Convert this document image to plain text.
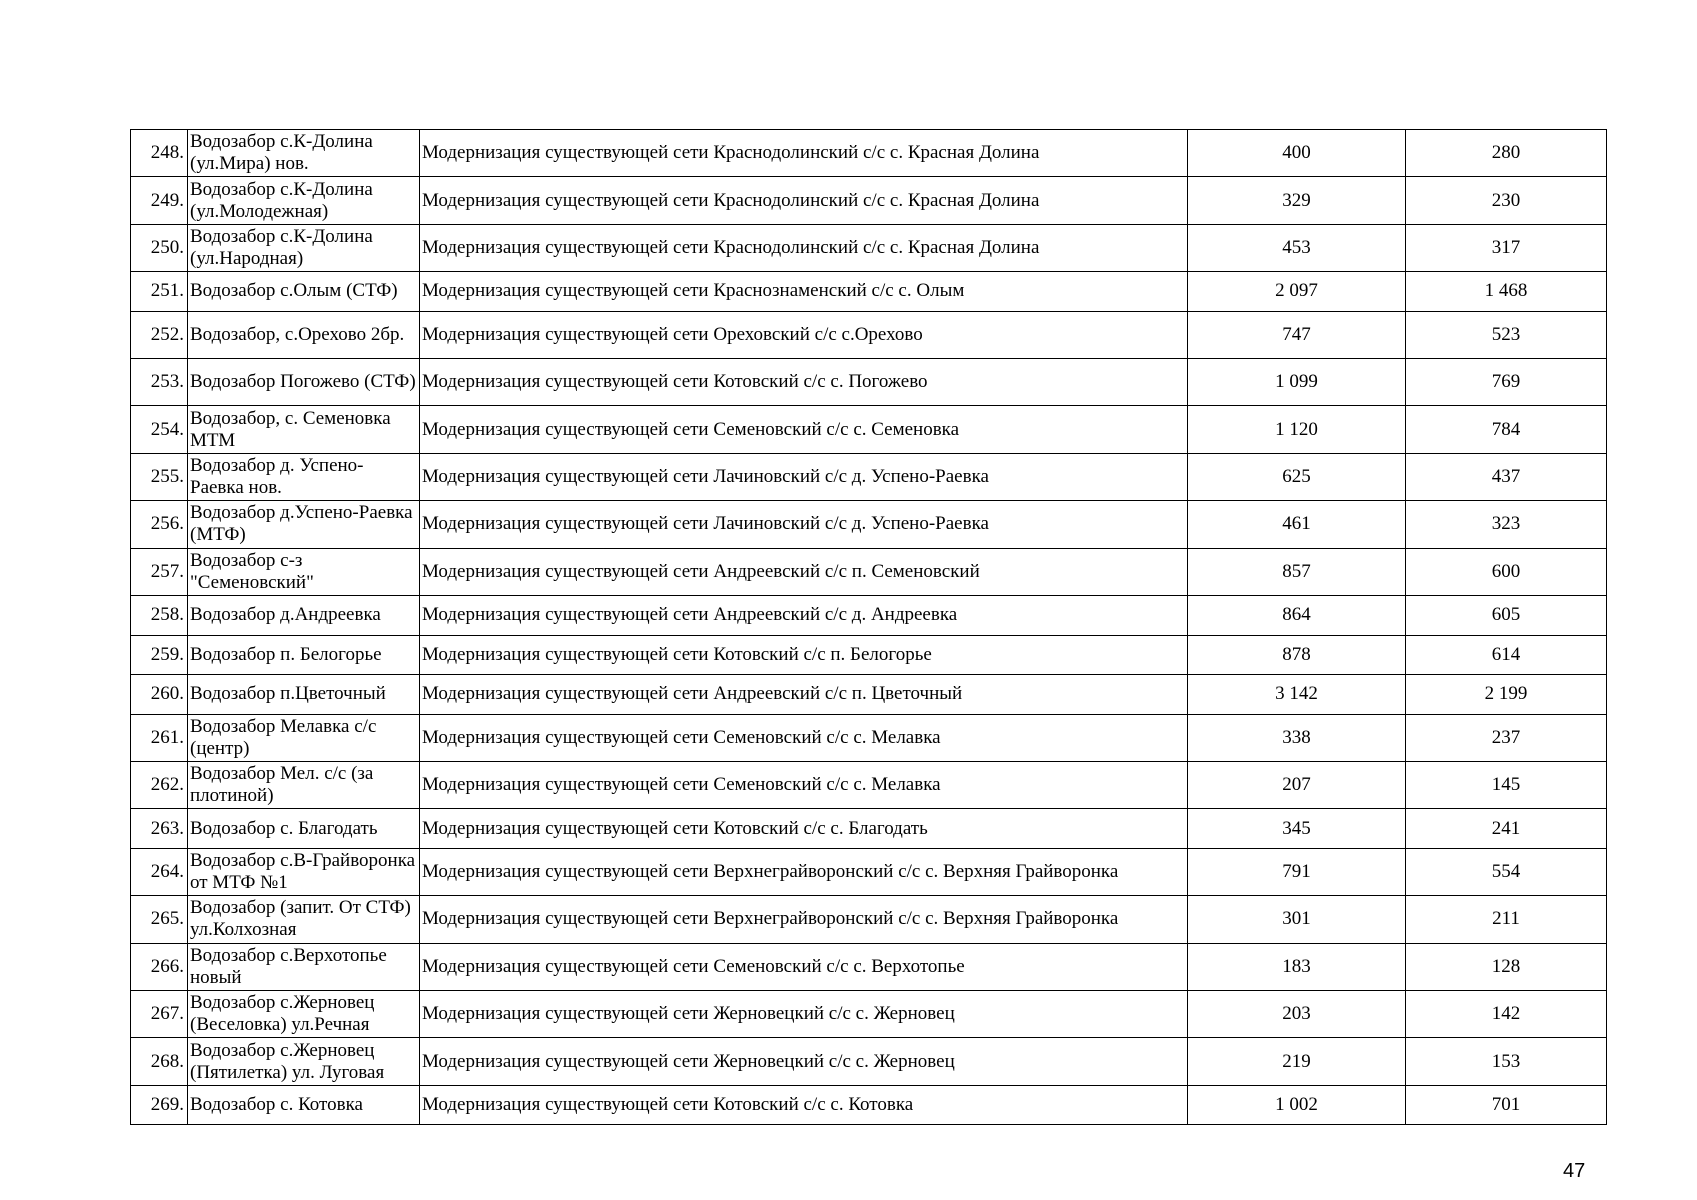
248.	Водозабор с.К-Долина (ул.Мира) нов.	Модернизация существующей сети Краснодолинский с/с с. Красная Долина	400	280
249.	Водозабор с.К-Долина (ул.Молодежная)	Модернизация существующей сети Краснодолинский с/с с. Красная Долина	329	230
250.	Водозабор с.К-Долина (ул.Народная)	Модернизация существующей сети Краснодолинский с/с с. Красная Долина	453	317
251.	Водозабор с.Олым (СТФ)	Модернизация существующей сети Краснознаменский с/с с. Олым	2 097	1 468
252.	Водозабор, с.Орехово 2бр.	Модернизация существующей сети Ореховский с/с с.Орехово	747	523
253.	Водозабор Погожево (СТФ)	Модернизация существующей сети Котовский с/с с. Погожево	1 099	769
254.	Водозабор, с. Семеновка МТМ	Модернизация существующей сети Семеновский с/с с. Семеновка	1 120	784
255.	Водозабор д. Успено-Раевка нов.	Модернизация существующей сети Лачиновский с/с д. Успено-Раевка	625	437
256.	Водозабор д.Успено-Раевка (МТФ)	Модернизация существующей сети Лачиновский с/с д. Успено-Раевка	461	323
257.	Водозабор с-з "Семеновский"	Модернизация существующей сети Андреевский с/с п. Семеновский	857	600
258.	Водозабор д.Андреевка	Модернизация существующей сети Андреевский с/с д. Андреевка	864	605
259.	Водозабор п. Белогорье	Модернизация существующей сети Котовский с/с п. Белогорье	878	614
260.	Водозабор п.Цветочный	Модернизация существующей сети Андреевский с/с п. Цветочный	3 142	2 199
261.	Водозабор Мелавка с/с (центр)	Модернизация существующей сети Семеновский с/с с. Мелавка	338	237
262.	Водозабор Мел. с/с (за плотиной)	Модернизация существующей сети Семеновский с/с с. Мелавка	207	145
263.	Водозабор с. Благодать	Модернизация существующей сети Котовский с/с с. Благодать	345	241
264.	Водозабор с.В-Грайворонка от МТФ №1	Модернизация существующей сети Верхнеграйворонский с/с с. Верхняя Грайворонка	791	554
265.	Водозабор (запит. От СТФ) ул.Колхозная	Модернизация существующей сети Верхнеграйворонский с/с с. Верхняя Грайворонка	301	211
266.	Водозабор с.Верхотопье новый	Модернизация существующей сети Семеновский с/с с. Верхотопье	183	128
267.	Водозабор с.Жерновец (Веселовка) ул.Речная	Модернизация существующей сети Жерновецкий с/с с. Жерновец	203	142
268.	Водозабор с.Жерновец (Пятилетка) ул. Луговая	Модернизация существующей сети Жерновецкий с/с с. Жерновец	219	153
269.	Водозабор с. Котовка	Модернизация существующей сети Котовский с/с с. Котовка	1 002	701
47
